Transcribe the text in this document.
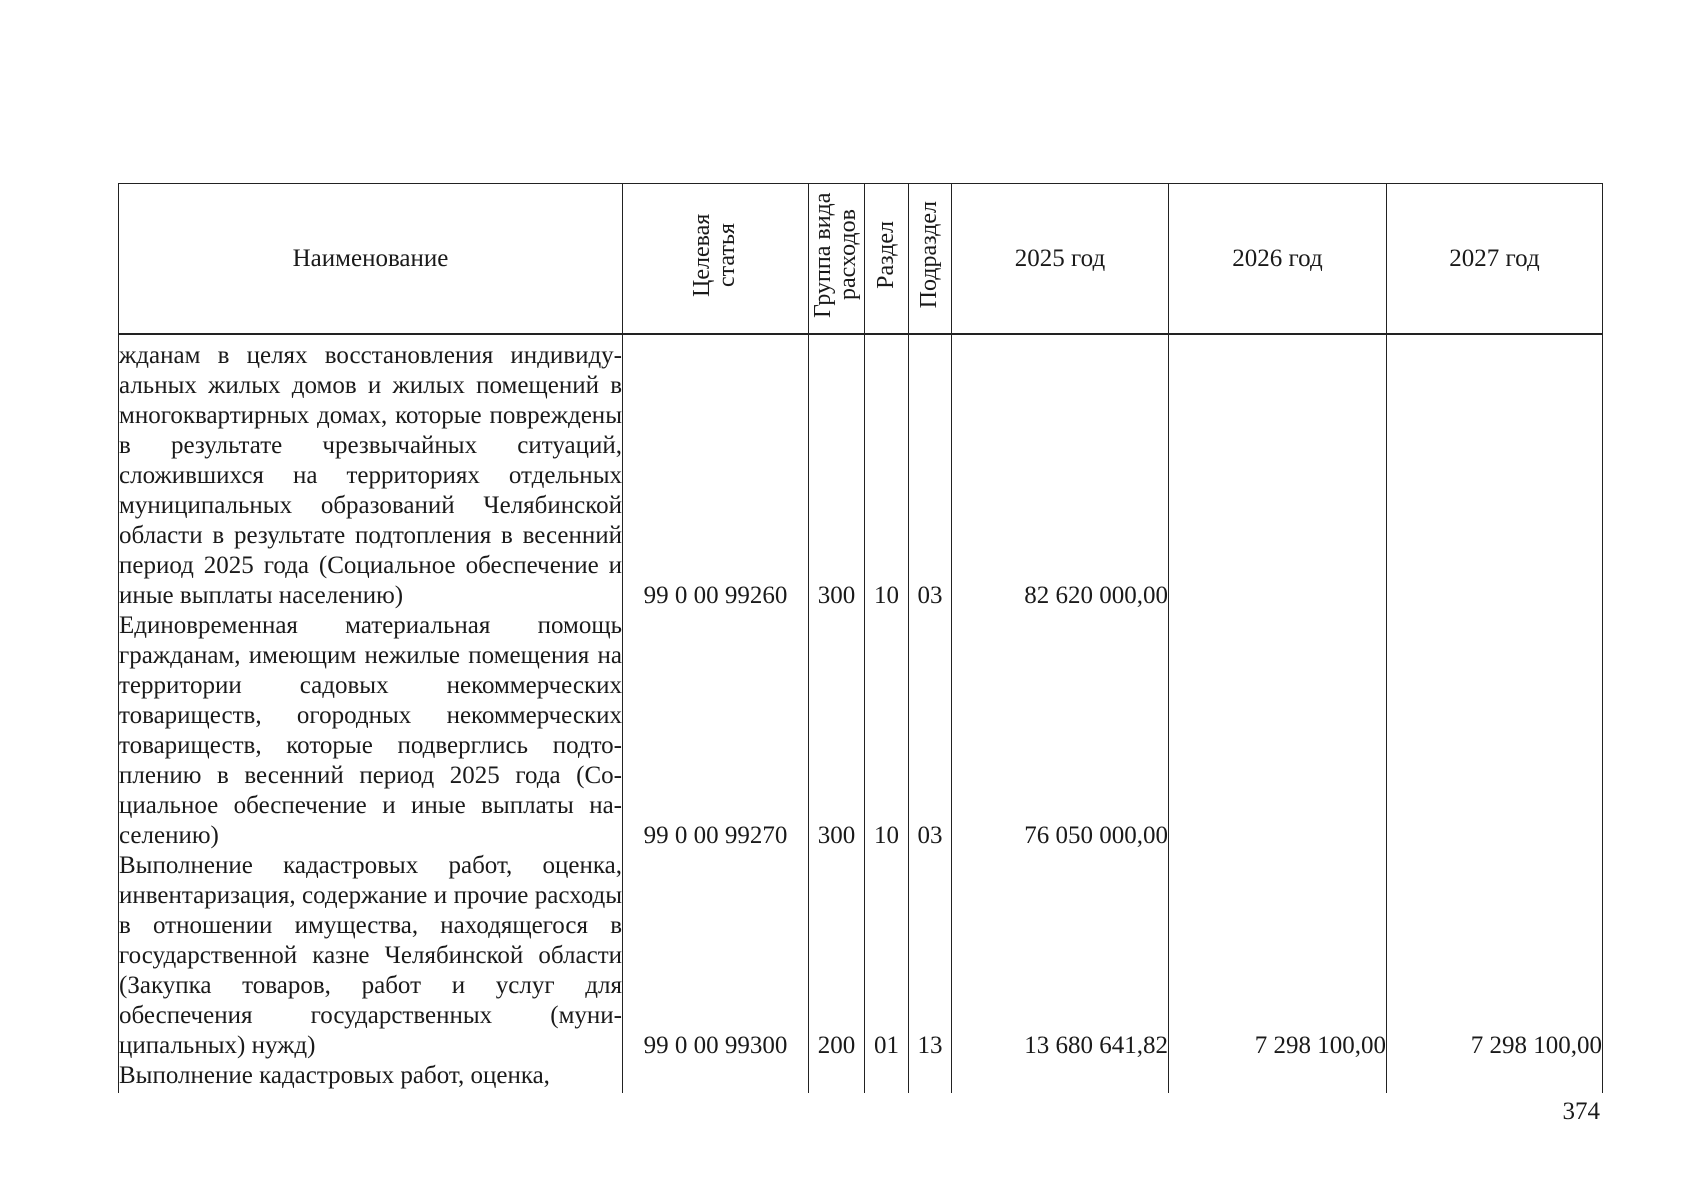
Наименование	Целевая статья	Группа вида расходов	Раздел	Подраздел	2025 год	2026 год	2027 год
жданам в целях восстановления индивидуальных жилых домов и жилых помещений в многоквартирных домах, которые повреждены в результате чрезвычайных ситуаций, сложившихся на территориях отдельных муниципальных образований Челябинской области в результате подтопления в весенний период 2025 года (Социальное обеспечение и иные выплаты населению)	99 0 00 99260	300	10	03	82 620 000,00		
Единовременная материальная помощь гражданам, имеющим нежилые помещения на территории садовых некоммерческих товариществ, огородных некоммерческих товариществ, которые подверглись подтоплению в весенний период 2025 года (Социальное обеспечение и иные выплаты населению)	99 0 00 99270	300	10	03	76 050 000,00		
Выполнение кадастровых работ, оценка, инвентаризация, содержание и прочие расходы в отношении имущества, находящегося в государственной казне Челябинской области (Закупка товаров, работ и услуг для обеспечения государственных (муниципальных) нужд)	99 0 00 99300	200	01	13	13 680 641,82	7 298 100,00	7 298 100,00
Выполнение кадастровых работ, оценка,							
374
